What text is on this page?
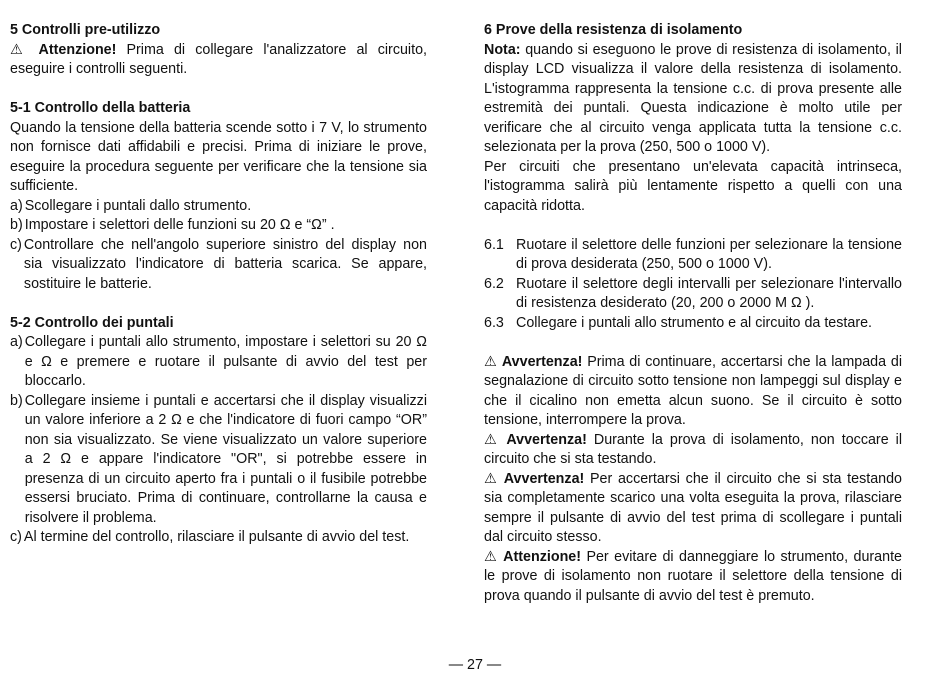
5 Controlli pre-utilizzo

⚠ Attenzione! Prima di collegare l'analizzatore al circuito, eseguire i controlli seguenti.

5-1 Controllo della batteria

Quando la tensione della batteria scende sotto i 7 V, lo strumento non fornisce dati affidabili e precisi. Prima di iniziare le prove, eseguire la procedura seguente per verificare che la tensione sia sufficiente.

a) Scollegare i puntali dallo strumento.
b) Impostare i selettori delle funzioni su 20 Ω e “Ω” .
c) Controllare che nell'angolo superiore sinistro del display non sia visualizzato l'indicatore di batteria scarica. Se appare, sostituire le batterie.

5-2 Controllo dei puntali

a) Collegare i puntali allo strumento, impostare i selettori su 20 Ω e Ω e premere e ruotare il pulsante di avvio del test per bloccarlo.
b) Collegare insieme i puntali e accertarsi che il display visualizzi un valore inferiore a 2 Ω e che l'indicatore di fuori campo “OR” non sia visualizzato. Se viene visualizzato un valore superiore a 2 Ω e appare l'indicatore "OR", si potrebbe essere in presenza di un circuito aperto fra i puntali o il fusibile potrebbe essersi bruciato. Prima di continuare, controllarne la causa e risolvere il problema.
c) Al termine del controllo, rilasciare il pulsante di avvio del test.

6 Prove della resistenza di isolamento

Nota: quando si eseguono le prove di resistenza di isolamento, il display LCD visualizza il valore della resistenza di isolamento. L'istogramma rappresenta la tensione c.c. di prova presente alle estremità dei puntali. Questa indicazione è molto utile per verificare che al circuito venga applicata tutta la tensione c.c. selezionata per la prova (250, 500 o 1000 V).

Per circuiti che presentano un'elevata capacità intrinseca, l'istogramma salirà più lentamente rispetto a quelli con una capacità ridotta.

6.1 Ruotare il selettore delle funzioni per selezionare la tensione di prova desiderata (250, 500 o 1000 V).
6.2 Ruotare il selettore degli intervalli per selezionare l'intervallo di resistenza desiderato (20, 200 o 2000 M Ω ).
6.3 Collegare i puntali allo strumento e al circuito da testare.

⚠ Avvertenza! Prima di continuare, accertarsi che la lampada di segnalazione di circuito sotto tensione non lampeggi sul display e che il cicalino non emetta alcun suono. Se il circuito è sotto tensione, interrompere la prova.

⚠ Avvertenza! Durante la prova di isolamento, non toccare il circuito che si sta testando.

⚠ Avvertenza! Per accertarsi che il circuito che si sta testando sia completamente scarico una volta eseguita la prova, rilasciare sempre il pulsante di avvio del test prima di scollegare i puntali dal circuito stesso.

⚠ Attenzione! Per evitare di danneggiare lo strumento, durante le prove di isolamento non ruotare il selettore della tensione di prova quando il pulsante di avvio del test è premuto.

— 27 —
